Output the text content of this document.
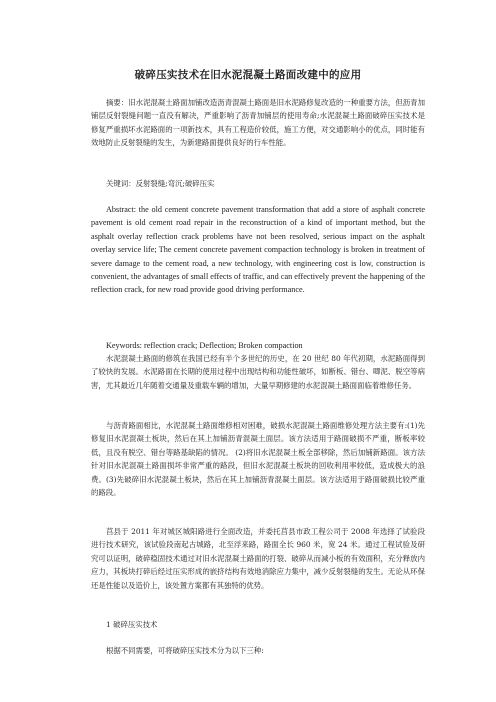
破碎压实技术在旧水泥混凝土路面改建中的应用

摘要：旧水泥混凝土路面加铺改造沥青混凝土路面是旧水泥路修复改造的一种重要方法，但沥青加铺层反射裂缝问题一直没有解决，严重影响了沥青加铺层的使用寿命;水泥混凝土路面破碎压实技术是修复严重损坏水泥路面的一项新技术，具有工程造价较低，施工方便，对交通影响小的优点，同时能有效地防止反射裂缝的发生，为新建路面提供良好的行车性能。

关键词：反射裂缝;弯沉;破碎压实

Abstract: the old cement concrete pavement transformation that add a store of asphalt concrete pavement is old cement road repair in the reconstruction of a kind of important method, but the asphalt overlay reflection crack problems have not been resolved, serious impact on the asphalt overlay service life; The cement concrete pavement compaction technology is broken in treatment of severe damage to the cement road, a new technology, with engineering cost is low, construction is convenient, the advantages of small effects of traffic, and can effectively prevent the happening of the reflection crack, for new road provide good driving performance.

Keywords: reflection crack; Deflection; Broken compaction

水泥混凝土路面的修筑在我国已经有半个多世纪的历史，在 20 世纪 80 年代初期，水泥路面得到了较快的发展。水泥路面在长期的使用过程中出现结构和功能性破坏，如断板、错台、唧泥、脱空等病害，尤其最近几年随着交通量及重载车辆的增加，大量早期修建的水泥混凝土路面面临着维修任务。

与沥青路面相比，水泥混凝土路面维修相对困难，破损水泥混凝土路面维修处理方法主要有:(1)先修复旧水泥混凝土板块，然后在其上加铺沥青混凝土面层。该方法适用于路面破损不严重，断板率较低，且没有脱空、错台等路基缺陷的情况。 (2)将旧水泥混凝土板全部移除，然后加铺新路面。该方法针对旧水泥混凝土路面损坏非常严重的路段，但旧水泥混凝土板块的回收利用率较低，造成极大的浪费。(3)先破碎旧水泥混凝土板块，然后在其上加铺沥青混凝土面层。该方法适用于路面破损比较严重的路段。

莒县于 2011 年对城区城阳路进行全面改造，并委托莒县市政工程公司于 2008 年选择了试验段进行技术研究，该试验段南起古城路，北至浮来路，路面全长 960 米，宽 24 米。通过工程试验及研究可以证明，破碎稳固技术通过对旧水泥混凝土路面的打裂、破碎从而减小板的有效面积，充分释放内应力，其板块打碎后经过压实形成的嵌挤结构有效地消除应力集中，减少反射裂缝的发生。无论从环保还是性能以及造价上，该处置方案都有其独特的优势。

1 破碎压实技术

根据不同需要，可将破碎压实技术分为以下三种:
